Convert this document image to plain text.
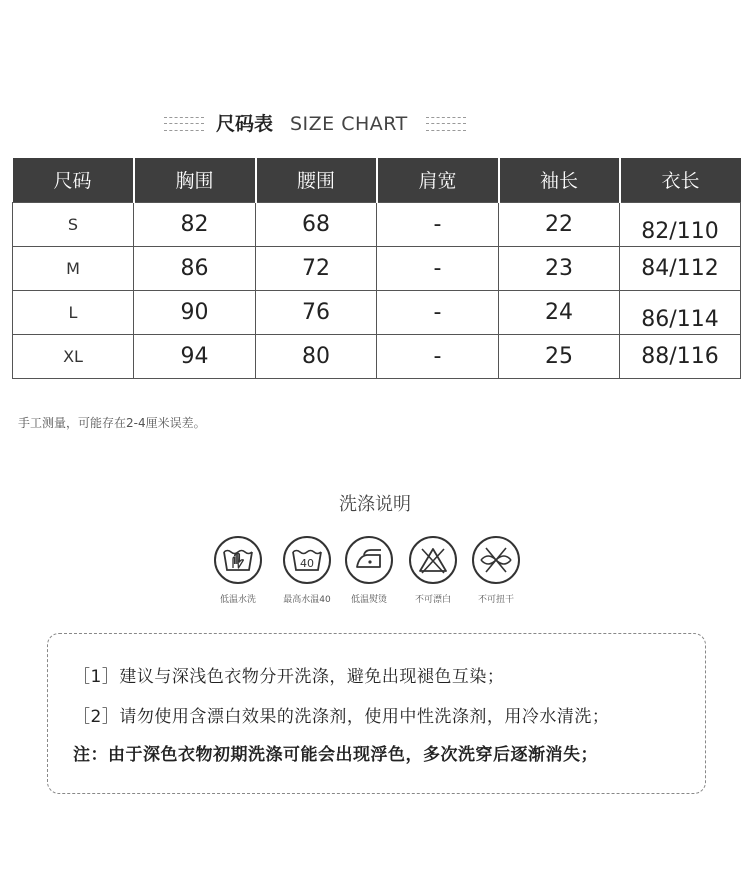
尺码表 SIZE CHART
尺码	胸围	腰围	肩宽	袖长	衣长
S	82	68	-	22	82/110
M	86	72	-	23	84/112
L	90	76	-	24	86/114
XL	94	80	-	25	88/116
手工测量，可能存在2-4厘米误差。
洗涤说明
低温水洗
40
最高水温40	低温熨烫	不可漂白	不可扭干
［1］建议与深浅色衣物分开洗涤，避免出现褪色互染；
［2］请勿使用含漂白效果的洗涤剂，使用中性洗涤剂，用冷水清洗；
注：由于深色衣物初期洗涤可能会出现浮色，多次洗穿后逐渐消失；
